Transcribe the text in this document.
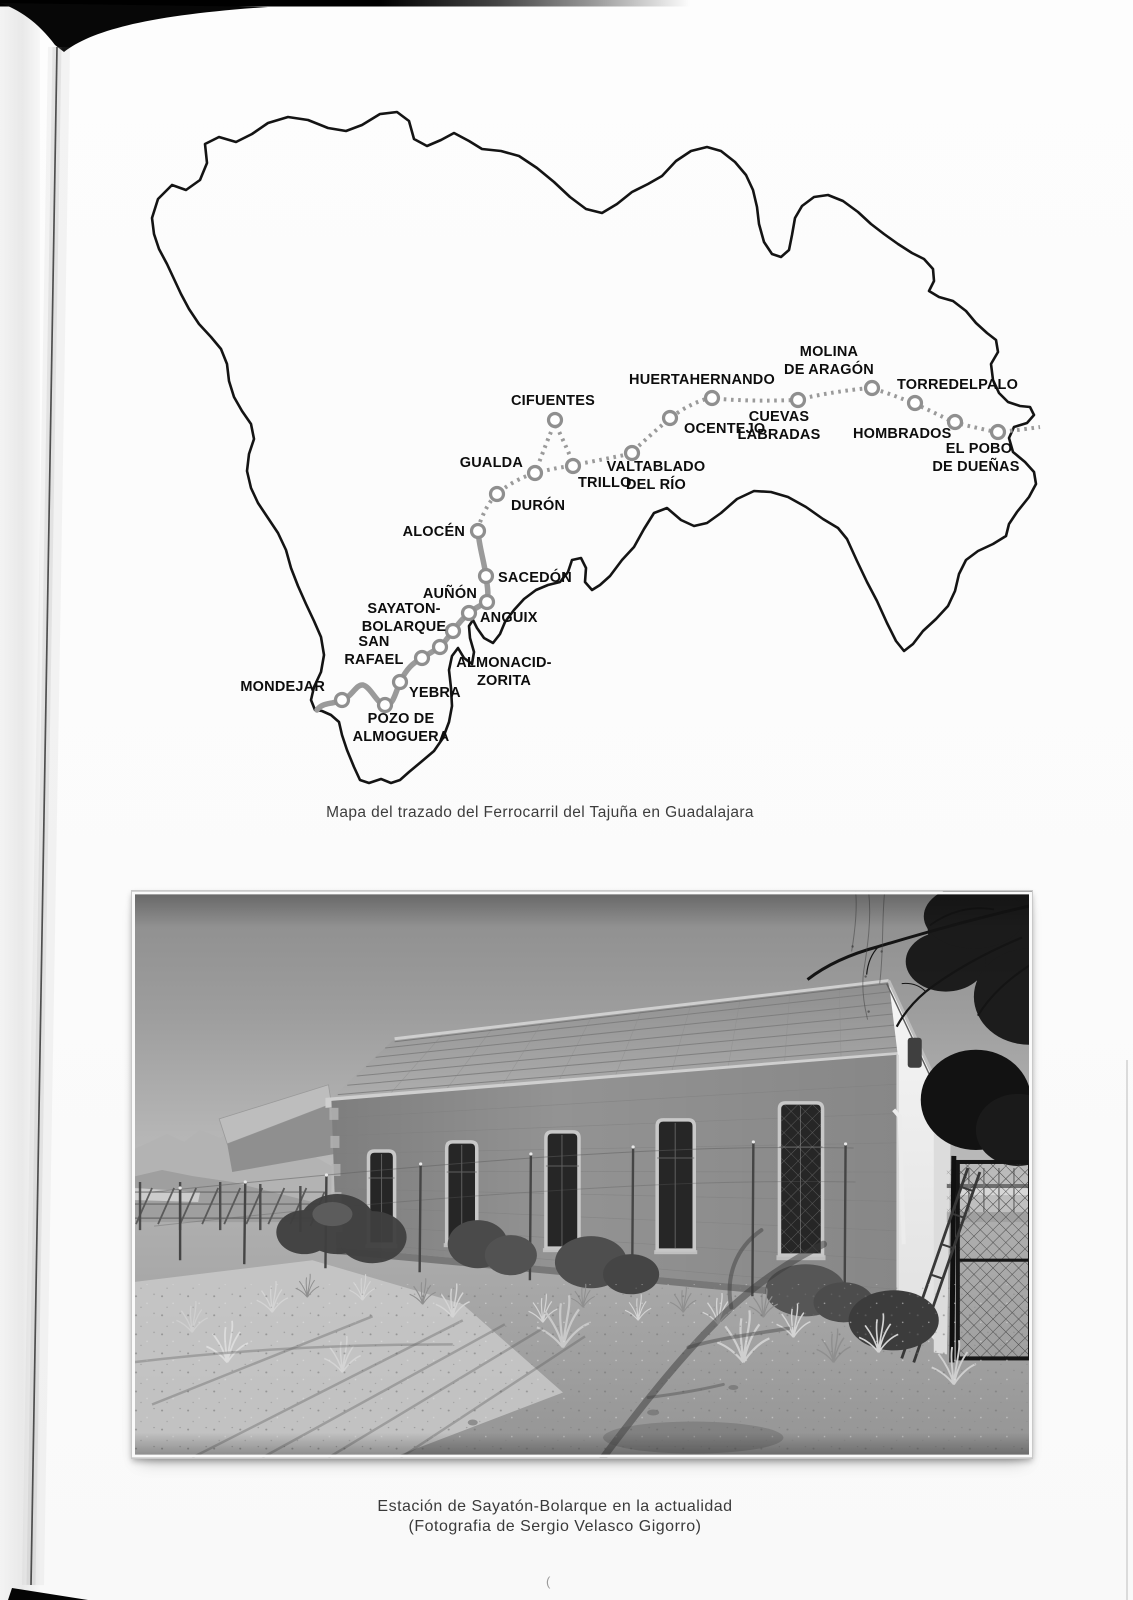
MONDEJAR
POZO DE
ALMOGUERA
YEBRA
SAN
RAFAEL
SAYATON-
BOLARQUE
ANGUIX
AUÑÓN
SACEDÓN
ALOCÉN
DURÓN
GUALDA
CIFUENTES
TRILLO
VALTABLADO
DEL RÍO
OCENTEJO
HUERTAHERNANDO
CUEVAS
LABRADAS
MOLINA
DE ARAGÓN
TORREDELPALO
HOMBRADOS
EL POBO
DE DUEÑAS
ALMONACID-
ZORITA
Mapa del trazado del Ferrocarril del Tajuña en Guadalajara
Estación de Sayatón-Bolarque en la actualidad
(Fotografia de Sergio Velasco Gigorro)
(
